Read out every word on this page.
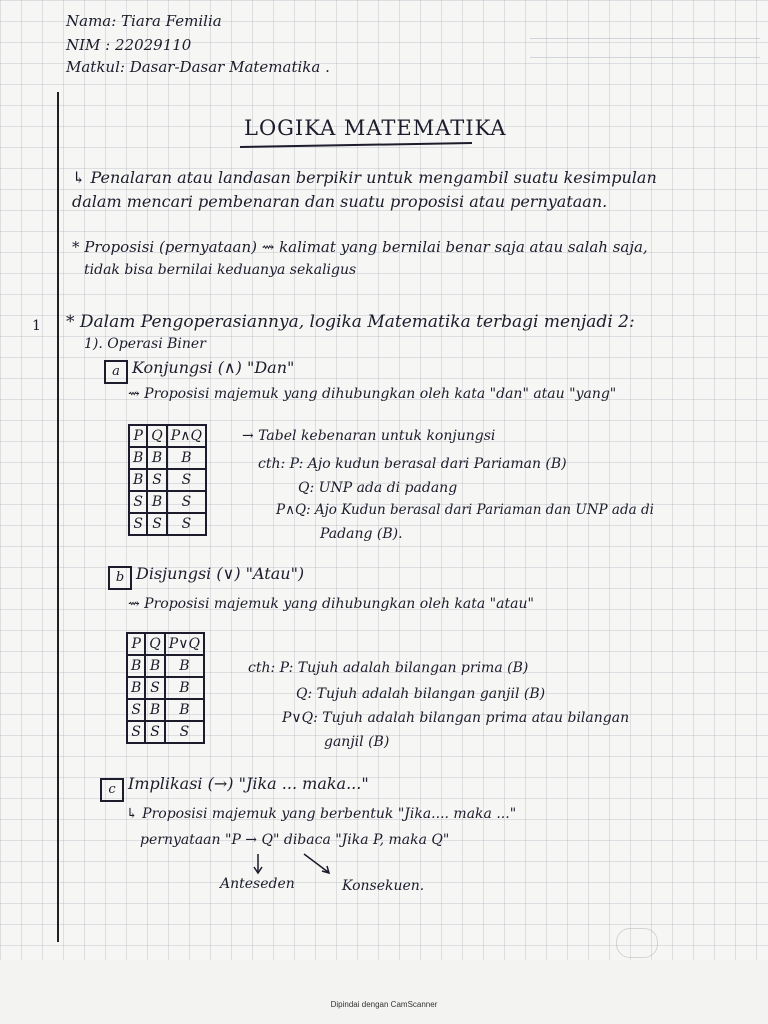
Nama: Tiara Femilia
NIM : 22029110
Matkul: Dasar-Dasar Matematika .
LOGIKA MATEMATIKA
↳ Penalaran atau landasan berpikir untuk mengambil suatu kesimpulan
dalam mencari pembenaran dan suatu proposisi atau pernyataan.
* Proposisi (pernyataan) ⇝ kalimat yang bernilai benar saja atau salah saja,
tidak bisa bernilai keduanya sekaligus
1 * Dalam Pengoperasiannya, logika Matematika terbagi menjadi 2:
1). Operasi Biner
a Konjungsi (∧) "Dan"
⇝ Proposisi majemuk yang dihubungkan oleh kata "dan" atau "yang"
P	Q	P∧Q
B	B	B
B	S	S
S	B	S
S	S	S
→ Tabel kebenaran untuk konjungsi
cth: P: Ajo kudun berasal dari Pariaman (B)
Q: UNP ada di padang
P∧Q: Ajo Kudun berasal dari Pariaman dan UNP ada di
Padang (B).
b Disjungsi (∨) "Atau")
⇝ Proposisi majemuk yang dihubungkan oleh kata "atau"
P	Q	P∨Q
B	B	B
B	S	B
S	B	B
S	S	S
cth: P: Tujuh adalah bilangan prima (B)
Q: Tujuh adalah bilangan ganjil (B)
P∨Q: Tujuh adalah bilangan prima atau bilangan
ganjil (B)
c Implikasi (→) "Jika ... maka..."
↳ Proposisi majemuk yang berbentuk "Jika.... maka ..."
pernyataan "P → Q" dibaca "Jika P, maka Q"
Anteseden	Konsekuen.
Dipindai dengan CamScanner
